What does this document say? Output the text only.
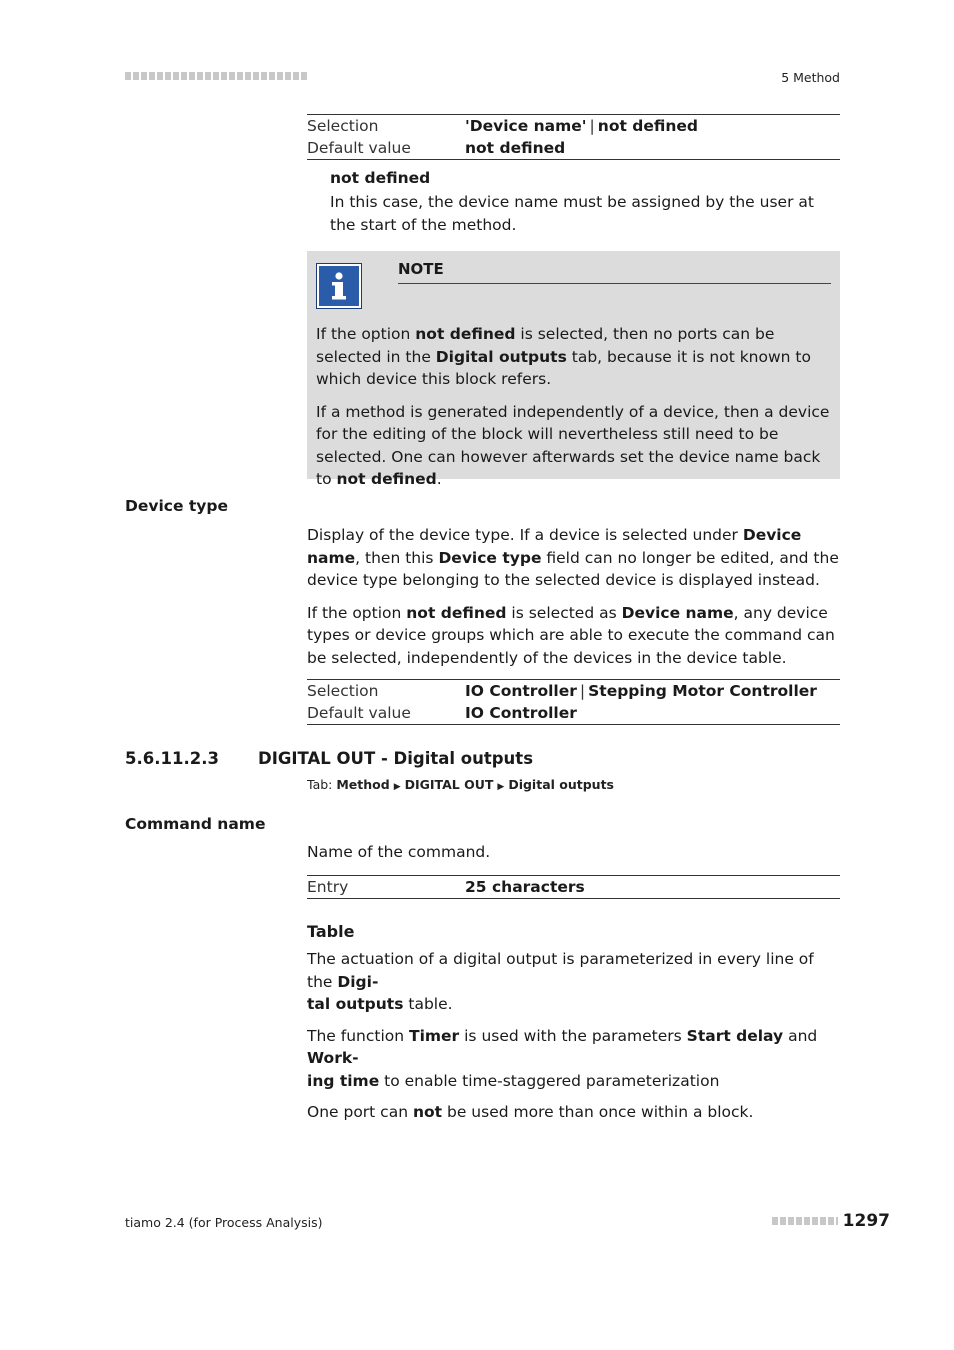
5 Method
Selection	'Device name' | not defined
Default value	not defined
not defined
In this case, the device name must be assigned by the user at the start of the method.
NOTE

If the option not defined is selected, then no ports can be selected in the Digital outputs tab, because it is not known to which device this block refers.

If a method is generated independently of a device, then a device for the editing of the block will nevertheless still need to be selected. One can however afterwards set the device name back to not defined.

Device type

Display of the device type. If a device is selected under Device name, then this Device type field can no longer be edited, and the device type belonging to the selected device is displayed instead.

If the option not defined is selected as Device name, any device types or device groups which are able to execute the command can be selected, independently of the devices in the device table.

Selection	IO Controller | Stepping Motor Controller
Default value	IO Controller
5.6.11.2.3 DIGITAL OUT - Digital outputs
Tab: Method ▶ DIGITAL OUT ▶ Digital outputs
Command name
Name of the command.
Entry	25 characters
Table

The actuation of a digital output is parameterized in every line of the Digi-
tal outputs table.

The function Timer is used with the parameters Start delay and Work-
ing time to enable time-staggered parameterization

One port can not be used more than once within a block.

tiamo 2.4 (for Process Analysis)	1297
